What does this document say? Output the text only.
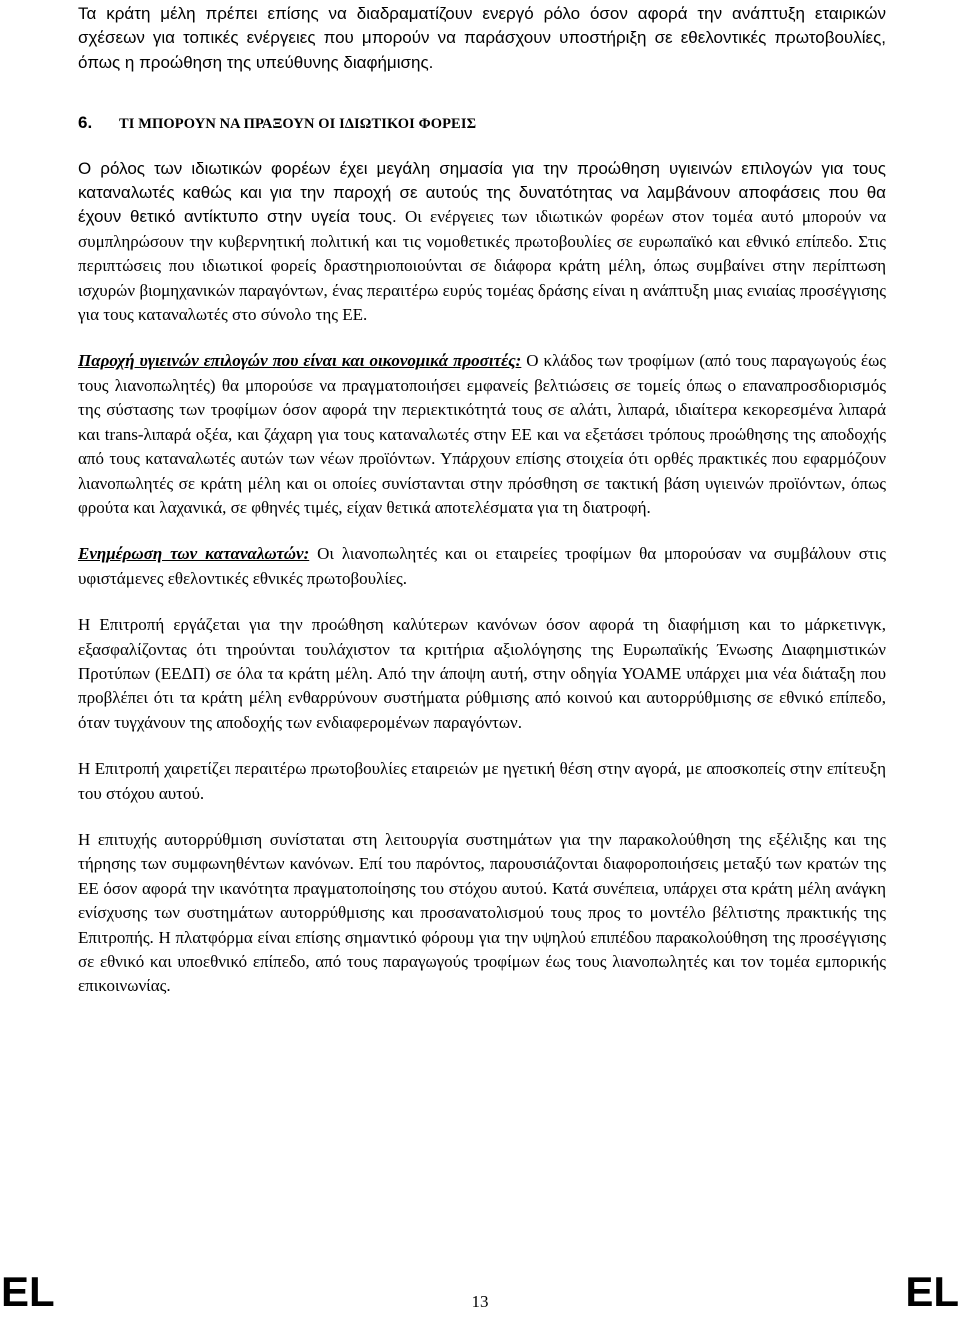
Τα κράτη μέλη πρέπει επίσης να διαδραματίζουν ενεργό ρόλο όσον αφορά την ανάπτυξη εταιρικών σχέσεων για τοπικές ενέργειες που μπορούν να παράσχουν υποστήριξη σε εθελοντικές πρωτοβουλίες, όπως η προώθηση της υπεύθυνης διαφήμισης.

6.	ΤΙ ΜΠΟΡΟΥΝ ΝΑ ΠΡΑΞΟΥΝ ΟΙ ΙΔΙΩΤΙΚΟΙ ΦΟΡΕΙΣ

Ο ρόλος των ιδιωτικών φορέων έχει μεγάλη σημασία για την προώθηση υγιεινών επιλογών για τους καταναλωτές καθώς και για την παροχή σε αυτούς της δυνατότητας να λαμβάνουν αποφάσεις που θα έχουν θετικό αντίκτυπο στην υγεία τους. Οι ενέργειες των ιδιωτικών φορέων στον τομέα αυτό μπορούν να συμπληρώσουν την κυβερνητική πολιτική και τις νομοθετικές πρωτοβουλίες σε ευρωπαϊκό και εθνικό επίπεδο. Στις περιπτώσεις που ιδιωτικοί φορείς δραστηριοποιούνται σε διάφορα κράτη μέλη, όπως συμβαίνει στην περίπτωση ισχυρών βιομηχανικών παραγόντων, ένας περαιτέρω ευρύς τομέας δράσης είναι η ανάπτυξη μιας ενιαίας προσέγγισης για τους καταναλωτές στο σύνολο της ΕΕ.

Παροχή υγιεινών επιλογών που είναι και οικονομικά προσιτές: Ο κλάδος των τροφίμων (από τους παραγωγούς έως τους λιανοπωλητές) θα μπορούσε να πραγματοποιήσει εμφανείς βελτιώσεις σε τομείς όπως ο επαναπροσδιορισμός της σύστασης των τροφίμων όσον αφορά την περιεκτικότητά τους σε αλάτι, λιπαρά, ιδιαίτερα κεκορεσμένα λιπαρά και trans-λιπαρά οξέα, και ζάχαρη για τους καταναλωτές στην ΕΕ και να εξετάσει τρόπους προώθησης της αποδοχής από τους καταναλωτές αυτών των νέων προϊόντων. Υπάρχουν επίσης στοιχεία ότι ορθές πρακτικές που εφαρμόζουν λιανοπωλητές σε κράτη μέλη και οι οποίες συνίστανται στην πρόσθηση σε τακτική βάση υγιεινών προϊόντων, όπως φρούτα και λαχανικά, σε φθηνές τιμές, είχαν θετικά αποτελέσματα για τη διατροφή.

Ενημέρωση των καταναλωτών: Οι λιανοπωλητές και οι εταιρείες τροφίμων θα μπορούσαν να συμβάλουν στις υφιστάμενες εθελοντικές εθνικές πρωτοβουλίες.

Η Επιτροπή εργάζεται για την προώθηση καλύτερων κανόνων όσον αφορά τη διαφήμιση και το μάρκετινγκ, εξασφαλίζοντας ότι τηρούνται τουλάχιστον τα κριτήρια αξιολόγησης της Ευρωπαϊκής Ένωσης Διαφημιστικών Προτύπων (ΕΕΔΠ) σε όλα τα κράτη μέλη. Από την άποψη αυτή, στην οδηγία ΥΟΑΜΕ υπάρχει μια νέα διάταξη που προβλέπει ότι τα κράτη μέλη ενθαρρύνουν συστήματα ρύθμισης από κοινού και αυτορρύθμισης σε εθνικό επίπεδο, όταν τυγχάνουν της αποδοχής των ενδιαφερομένων παραγόντων.

Η Επιτροπή χαιρετίζει περαιτέρω πρωτοβουλίες εταιρειών με ηγετική θέση στην αγορά, με αποσκοπείς στην επίτευξη του στόχου αυτού.

Η επιτυχής αυτορρύθμιση συνίσταται στη λειτουργία συστημάτων για την παρακολούθηση της εξέλιξης και της τήρησης των συμφωνηθέντων κανόνων. Επί του παρόντος, παρουσιάζονται διαφοροποιήσεις μεταξύ των κρατών της ΕΕ όσον αφορά την ικανότητα πραγματοποίησης του στόχου αυτού. Κατά συνέπεια, υπάρχει στα κράτη μέλη ανάγκη ενίσχυσης των συστημάτων αυτορρύθμισης και προσανατολισμού τους προς το μοντέλο βέλτιστης πρακτικής της Επιτροπής. Η πλατφόρμα είναι επίσης σημαντικό φόρουμ για την υψηλού επιπέδου παρακολούθηση της προσέγγισης σε εθνικό και υποεθνικό επίπεδο, από τους παραγωγούς τροφίμων έως τους λιανοπωλητές και τον τομέα εμπορικής επικοινωνίας.

EL	13	EL
